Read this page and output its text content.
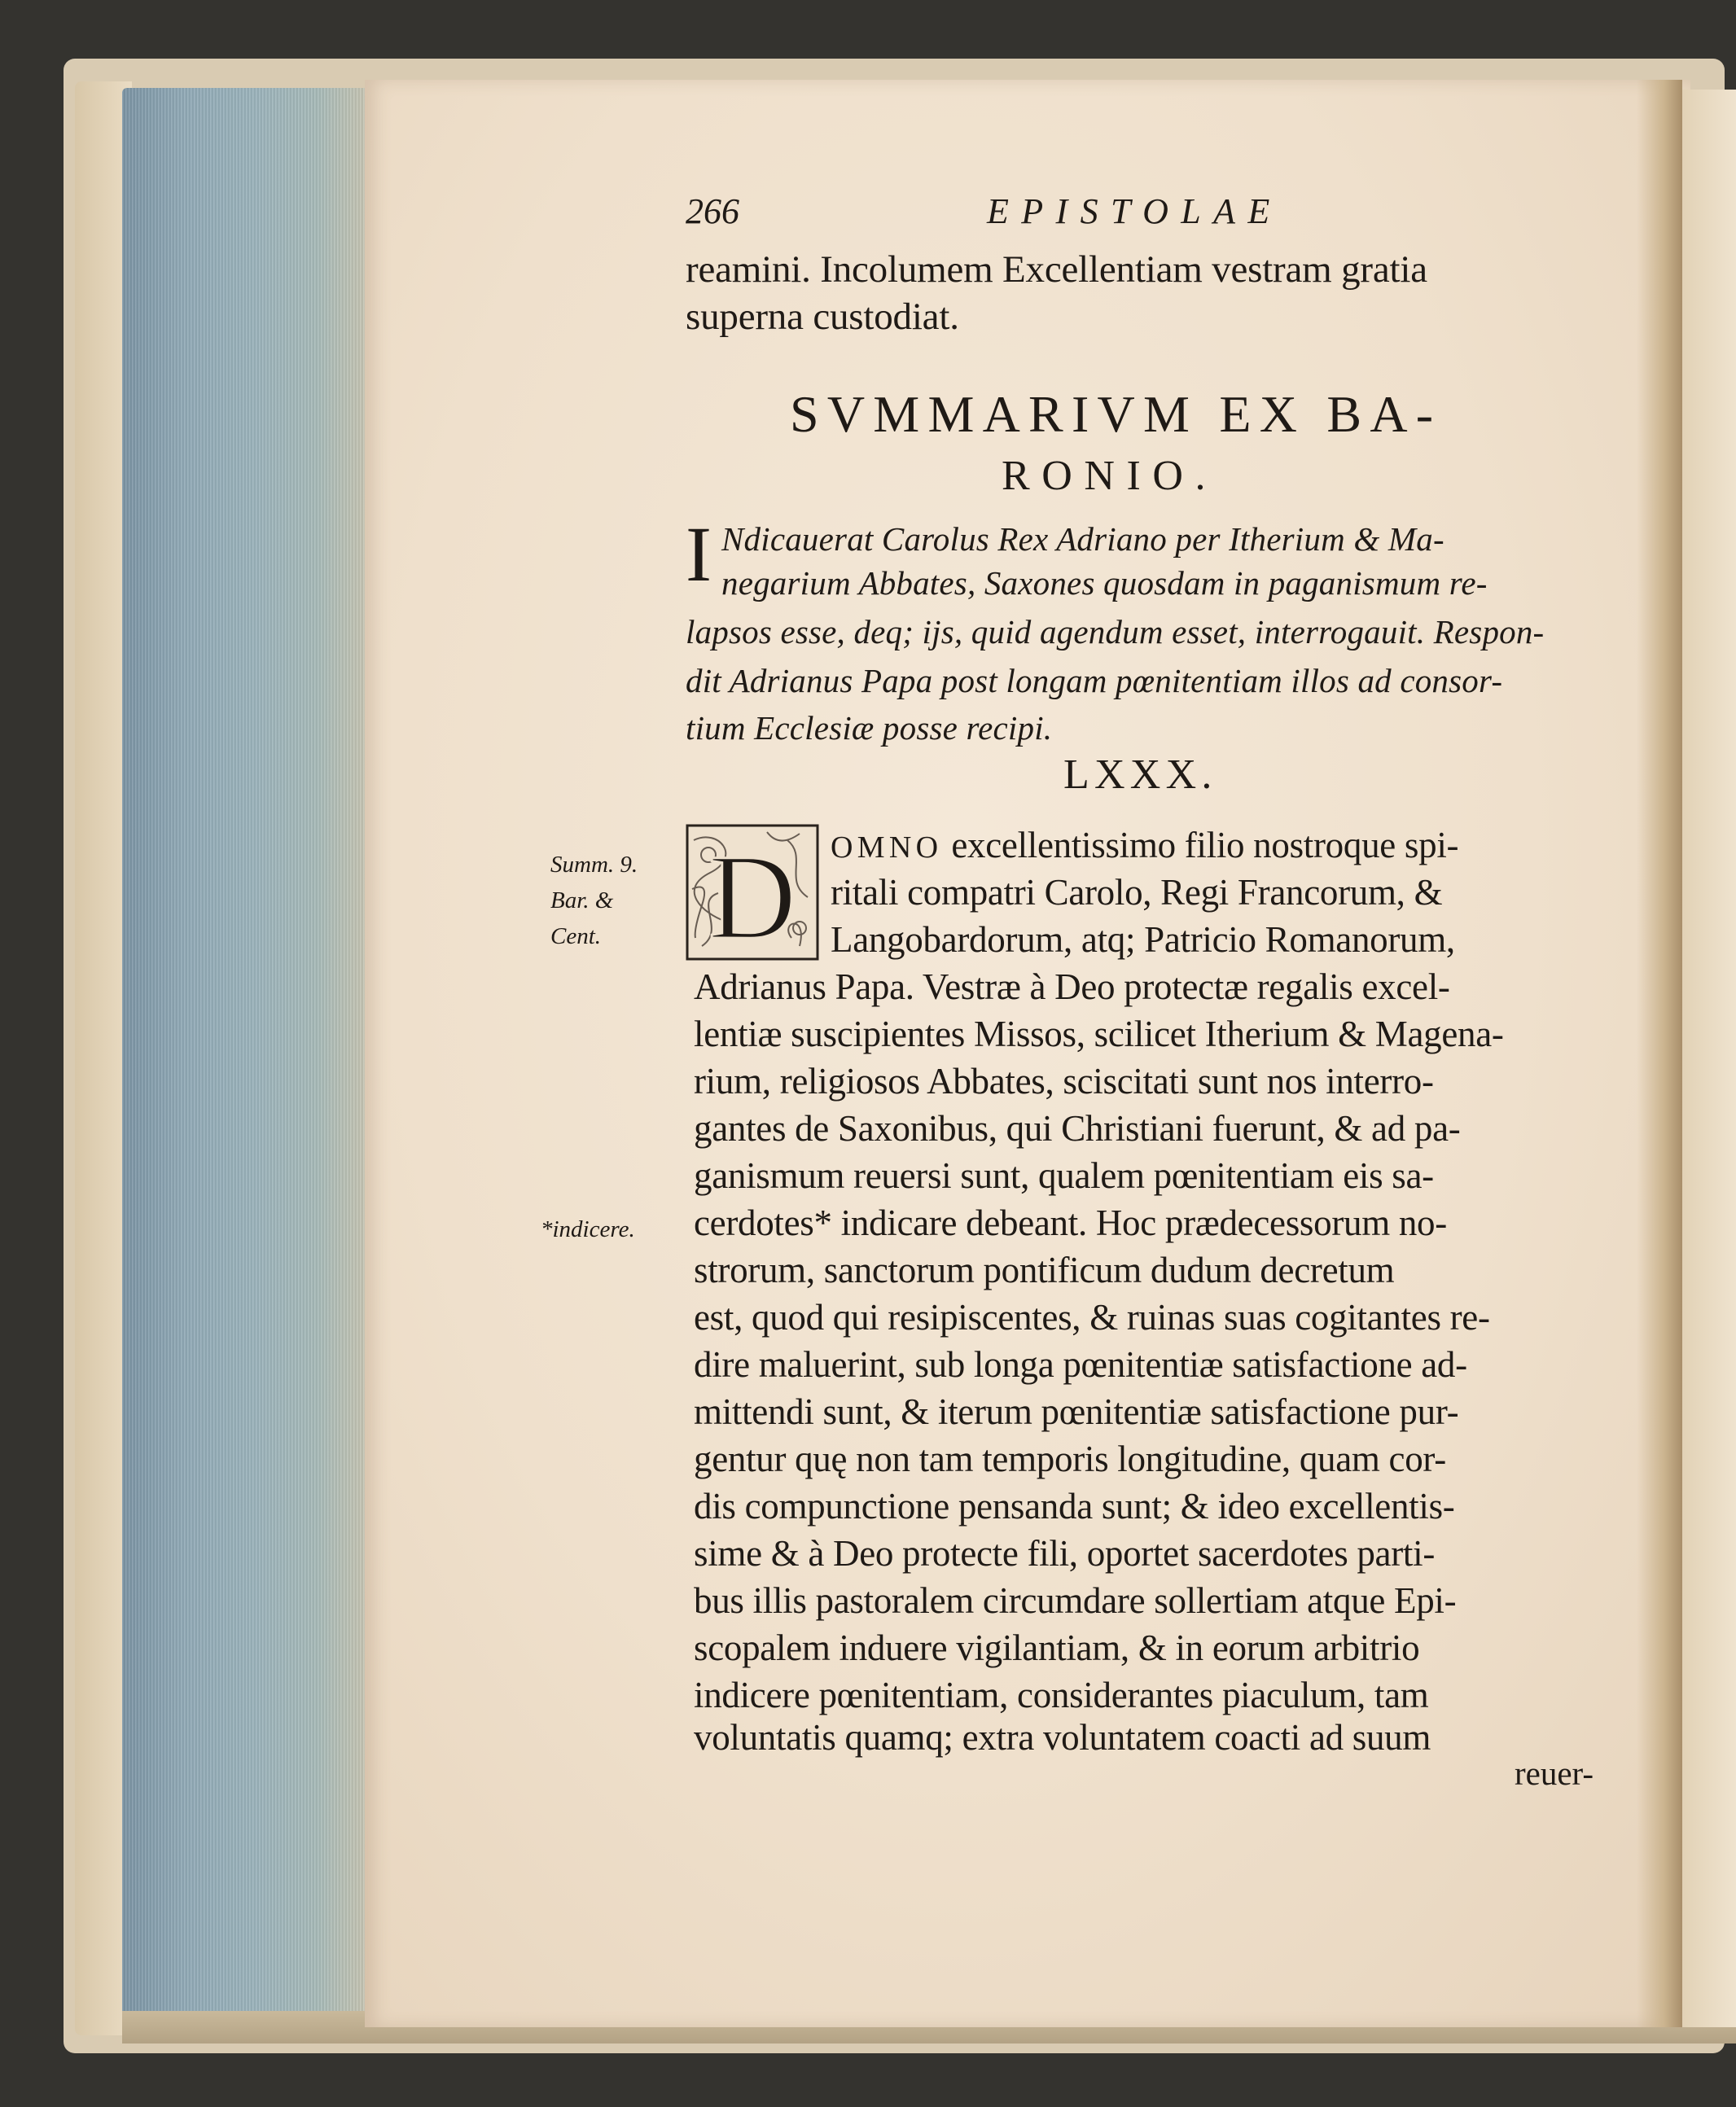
266	EPISTOLAE
reamini. Incolumem Excellentiam vestram gratia
superna custodiat.
SVMMARIVM EX BA-
RONIO.
I Ndicauerat Carolus Rex Adriano per Itherium & Ma-
negarium Abbates, Saxones quosdam in paganismum re-
lapsos esse, deq; ijs, quid agendum esset, interrogauit. Respon-
dit Adrianus Papa post longam pœnitentiam illos ad consor-
tium Ecclesiæ posse recipi.
LXXX.
D OMNO excellentissimo filio nostroque spi-
ritali compatri Carolo, Regi Francorum, &
Langobardorum, atq; Patricio Romanorum,
Adrianus Papa. Vestræ à Deo protectæ regalis excel-
lentiæ suscipientes Missos, scilicet Itherium & Magena-
rium, religiosos Abbates, sciscitati sunt nos interro-
gantes de Saxonibus, qui Christiani fuerunt, & ad pa-
ganismum reuersi sunt, qualem pœnitentiam eis sa-
cerdotes* indicare debeant. Hoc prædecessorum no-
strorum, sanctorum pontificum dudum decretum
est, quod qui resipiscentes, & ruinas suas cogitantes re-
dire maluerint, sub longa pœnitentiæ satisfactione ad-
mittendi sunt, & iterum pœnitentiæ satisfactione pur-
gentur quę non tam temporis longitudine, quam cor-
dis compunctione pensanda sunt; & ideo excellentis-
sime & à Deo protecte fili, oportet sacerdotes parti-
bus illis pastoralem circumdare sollertiam atque Epi-
scopalem induere vigilantiam, & in eorum arbitrio
indicere pœnitentiam, considerantes piaculum, tam
voluntatis quamq; extra voluntatem coacti ad suum
reuer-
Summ. 9.
Bar. &
Cent.
*indicere.
